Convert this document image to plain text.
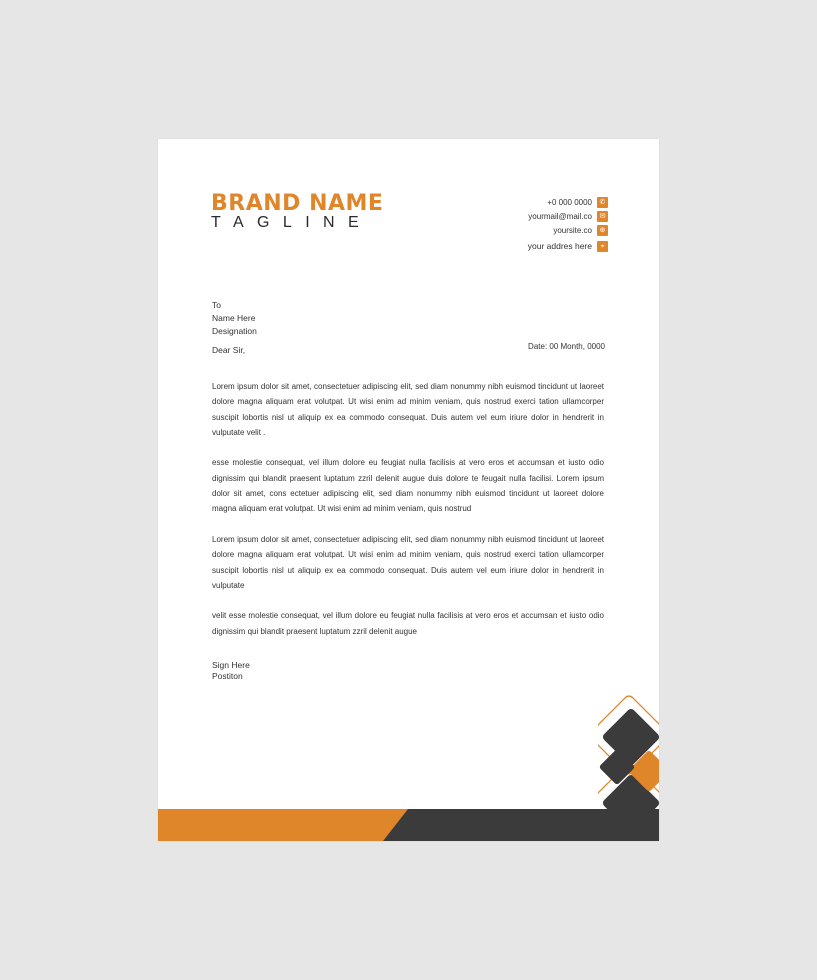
BRAND NAME
TAGLINE
+0 000 0000	✆
yourmail@mail.co	✉
yoursite.co	⊕
your addres here	⌖
To
Name Here
Designation
Date: 00 Month, 0000
Dear Sir,

Lorem ipsum dolor sit amet, consectetuer adipiscing elit, sed diam nonummy nibh euismod tincidunt ut laoreet dolore magna aliquam erat volutpat. Ut wisi enim ad minim veniam, quis nostrud exerci tation ullamcorper suscipit lobortis nisl ut aliquip ex ea commodo consequat. Duis autem vel eum iriure dolor in hendrerit in vulputate velit .

esse molestie consequat, vel illum dolore eu feugiat nulla facilisis at vero eros et accumsan et iusto odio dignissim qui blandit praesent luptatum zzril delenit augue duis dolore te feugait nulla facilisi. Lorem ipsum dolor sit amet, cons ectetuer adipiscing elit, sed diam nonummy nibh euismod tincidunt ut laoreet dolore magna aliquam erat volutpat. Ut wisi enim ad minim veniam, quis nostrud

Lorem ipsum dolor sit amet, consectetuer adipiscing elit, sed diam nonummy nibh euismod tincidunt ut laoreet dolore magna aliquam erat volutpat. Ut wisi enim ad minim veniam, quis nostrud exerci tation ullamcorper suscipit lobortis nisl ut aliquip ex ea commodo consequat. Duis autem vel eum iriure dolor in hendrerit in vulputate

velit esse molestie consequat, vel illum dolore eu feugiat nulla facilisis at vero eros et accumsan et iusto odio dignissim qui blandit praesent luptatum zzril delenit augue

Sign Here
Postiton
